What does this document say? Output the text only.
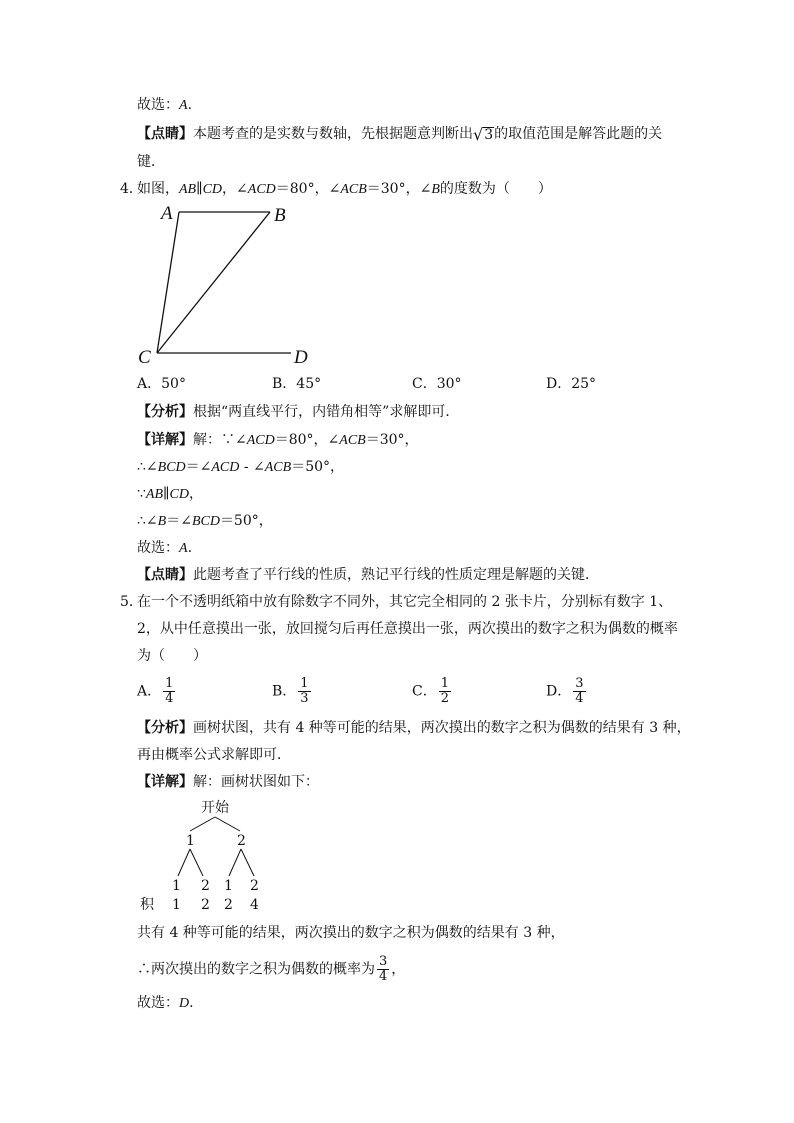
故选：A.
【点睛】本题考查的是实数与数轴，先根据题意判断出 √ 3 的取值范围是解答此题的关
键．
4．
如图，AB∥CD，∠ACD＝80°，∠ACB＝30°，∠B的度数为（　　）
A	B
C	D
A．50°	B．45°	C．30°	D．25°
【分析】根据“两直线平行，内错角相等”求解即可．
【详解】解：∵∠ACD＝80°，∠ACB＝30°，
∴∠BCD＝∠ACD - ∠ACB＝50°，
∵AB∥CD，
∴∠B＝∠BCD＝50°，
故选：A.
【点睛】此题考查了平行线的性质，熟记平行线的性质定理是解题的关键．
5．
在一个不透明纸箱中放有除数字不同外，其它完全相同的 2 张卡片，分别标有数字 1、
2，从中任意摸出一张，放回搅匀后再任意摸出一张，两次摸出的数字之积为偶数的概率
为（　　）
A． $\frac{1}{4}$	B． $\frac{1}{3}$	C． $\frac{1}{2}$	D． $\frac{3}{4}$
【分析】画树状图，共有 4 种等可能的结果，两次摸出的数字之积为偶数的结果有 3 种，
再由概率公式求解即可．
【详解】解：画树状图如下：
开始
1	2
1 2 1 2
积 1 2 2 4
共有 4 种等可能的结果，两次摸出的数字之积为偶数的结果有 3 种，
∴两次摸出的数字之积为偶数的概率为 $\frac{3}{4}$ ，
故选：D.
